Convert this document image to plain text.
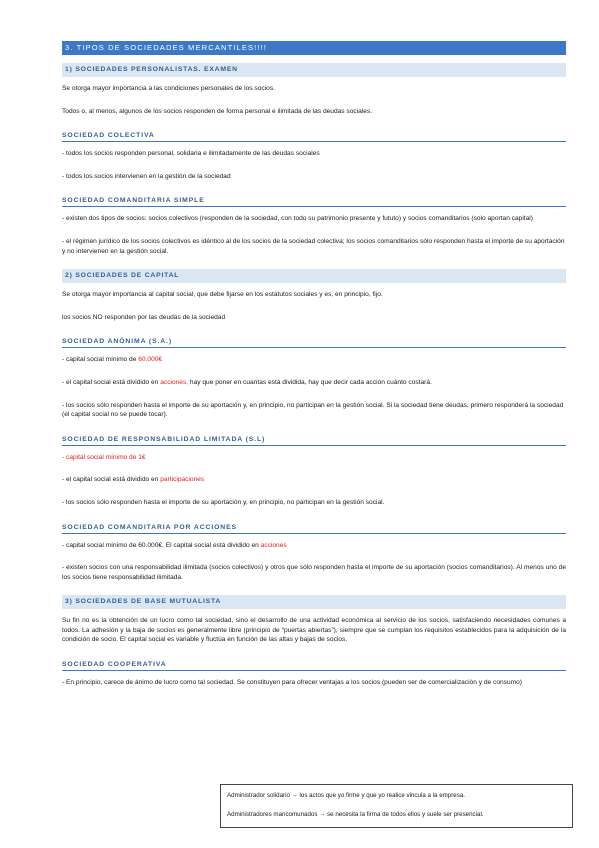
3. TIPOS DE SOCIEDADES MERCANTILES!!!!
1) SOCIEDADES PERSONALISTAS. EXAMEN

Se otorga mayor importancia a las condiciones personales de los socios.

Todos o, al menos, algunos de los socios responden de forma personal e ilimitada de las deudas sociales.

SOCIEDAD COLECTIVA

- todos los socios responden personal, solidaria e ilimitadamente de las deudas sociales

- todos los socios intervienen en la gestión de la sociedad

SOCIEDAD COMANDITARIA SIMPLE

- existen dos tipos de socios: socios colectivos (responden de la sociedad, con todo su patrimonio presente y fututo) y socios comanditarios (solo aportan capital)

- el régimen jurídico de los socios colectivos es idéntico al de los socios de la sociedad colectiva; los socios comanditarios sólo responden hasta el importe de su aportación y no intervienen en la gestión social.

2) SOCIEDADES DE CAPITAL

Se otorga mayor importancia al capital social, que debe fijarse en los estatutos sociales y es, en principio, fijo.

los socios NO responden por las deudas de la sociedad

SOCIEDAD ANÓNIMA (S.A.)

- capital social mínimo de 60.000€

- el capital social está dividido en acciones, hay que poner en cuantas está dividida, hay que decir cada acción cuánto costará.

- los socios sólo responden hasta el importe de su aportación y, en principio, no participan en la gestión social. Si la sociedad tiene deudas, primero responderá la sociedad (el capital social no se puede tocar).

SOCIEDAD DE RESPONSABILIDAD LIMITADA (S.L)

- capital social mínimo de 1€

- el capital social está dividido en participaciones

- los socios sólo responden hasta el importe de su aportación y, en principio, no participan en la gestión social.

SOCIEDAD COMANDITARIA POR ACCIONES

- capital social mínimo de 60.000€. El capital social está dividido en acciones

- existen socios con una responsabilidad ilimitada (socios colectivos) y otros que sólo responden hasta el importe de su aportación (socios comanditarios). Al menos uno de los socios tiene responsabilidad ilimitada.

3) SOCIEDADES DE BASE MUTUALISTA

Su fin no es la obtención de un lucro como tal sociedad, sino el desarrollo de una actividad económica al servicio de los socios, satisfaciendo necesidades comunes a todos. La adhesión y la baja de socios es generalmente libre (principio de “puertas abiertas”), siempre que se cumplan los requisitos establecidos para la adquisición de la condición de socio. El capital social es variable y fluctúa en función de las altas y bajas de socios.

SOCIEDAD COOPERATIVA

- En principio, carece de ánimo de lucro como tal sociedad. Se constituyen para ofrecer ventajas a los socios (pueden ser de comercialización y de consumo)

Administrador solidario → los actos que yo firme y que yo realice vincula a la empresa.

Administradores mancomunados → se necesita la firma de todos ellos y suele ser presencial.
